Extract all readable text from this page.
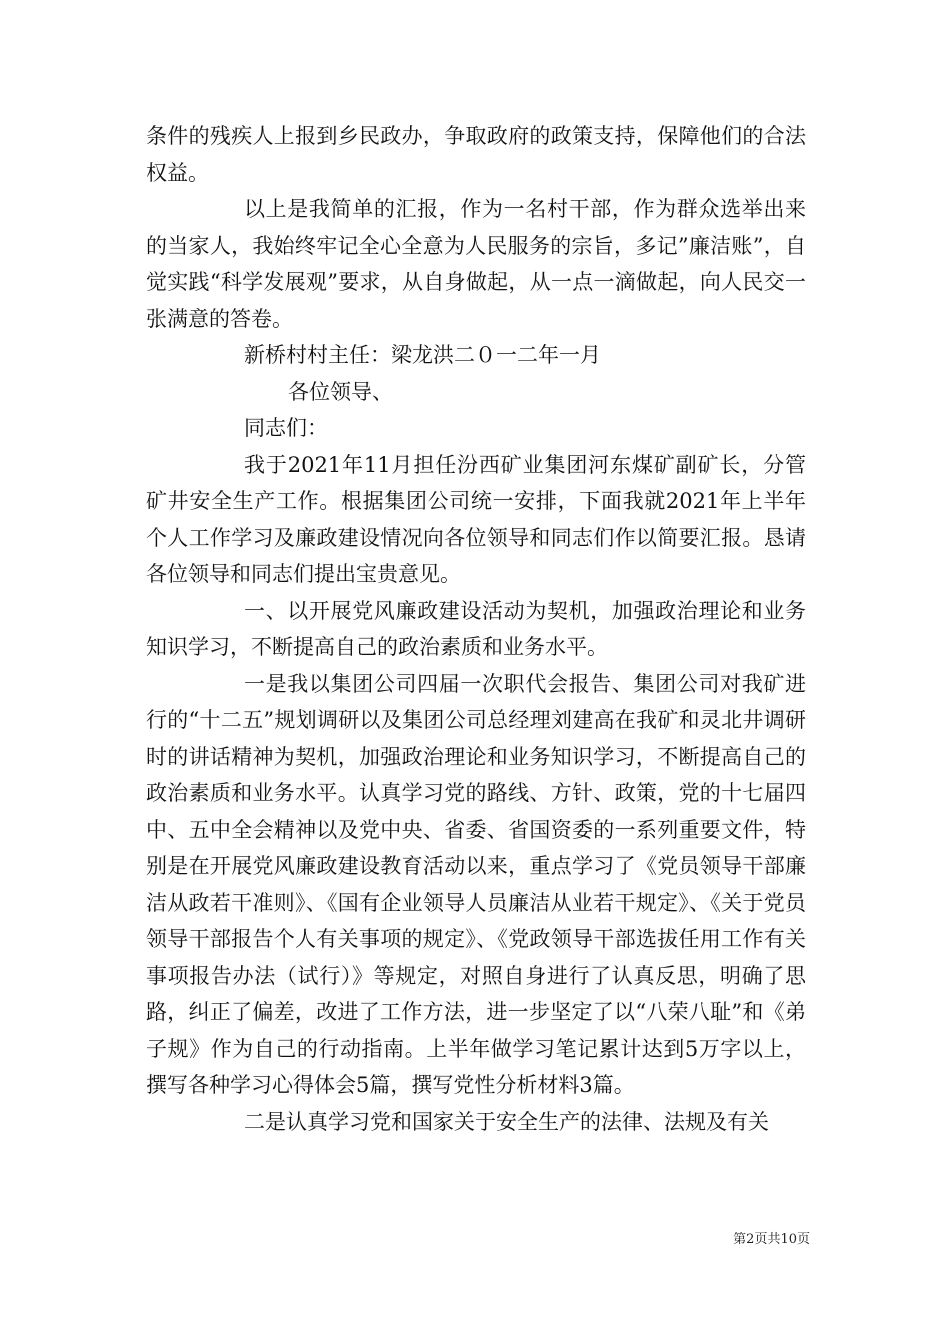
条件的残疾人上报到乡民政办，争取政府的政策支持，保障他们的合法权益。

以上是我简单的汇报，作为一名村干部，作为群众选举出来的当家人，我始终牢记全心全意为人民服务的宗旨，多记”廉洁账”，自觉实践“科学发展观”要求，从自身做起，从一点一滴做起，向人民交一张满意的答卷。

新桥村村主任：梁龙洪二０一二年一月

各位领导、

同志们：

我于2021年11月担任汾西矿业集团河东煤矿副矿长，分管矿井安全生产工作。根据集团公司统一安排，下面我就2021年上半年个人工作学习及廉政建设情况向各位领导和同志们作以简要汇报。恳请各位领导和同志们提出宝贵意见。

一、以开展党风廉政建设活动为契机，加强政治理论和业务知识学习，不断提高自己的政治素质和业务水平。

一是我以集团公司四届一次职代会报告、集团公司对我矿进行的“十二五”规划调研以及集团公司总经理刘建高在我矿和灵北井调研时的讲话精神为契机，加强政治理论和业务知识学习，不断提高自己的政治素质和业务水平。认真学习党的路线、方针、政策，党的十七届四中、五中全会精神以及党中央、省委、省国资委的一系列重要文件，特别是在开展党风廉政建设教育活动以来，重点学习了《党员领导干部廉洁从政若干准则》、《国有企业领导人员廉洁从业若干规定》、《关于党员领导干部报告个人有关事项的规定》、《党政领导干部选拔任用工作有关事项报告办法（试行）》等规定，对照自身进行了认真反思，明确了思路，纠正了偏差，改进了工作方法，进一步坚定了以“八荣八耻”和《弟子规》作为自己的行动指南。上半年做学习笔记累计达到5万字以上，撰写各种学习心得体会5篇，撰写党性分析材料3篇。

二是认真学习党和国家关于安全生产的法律、法规及有关

第2页共10页
